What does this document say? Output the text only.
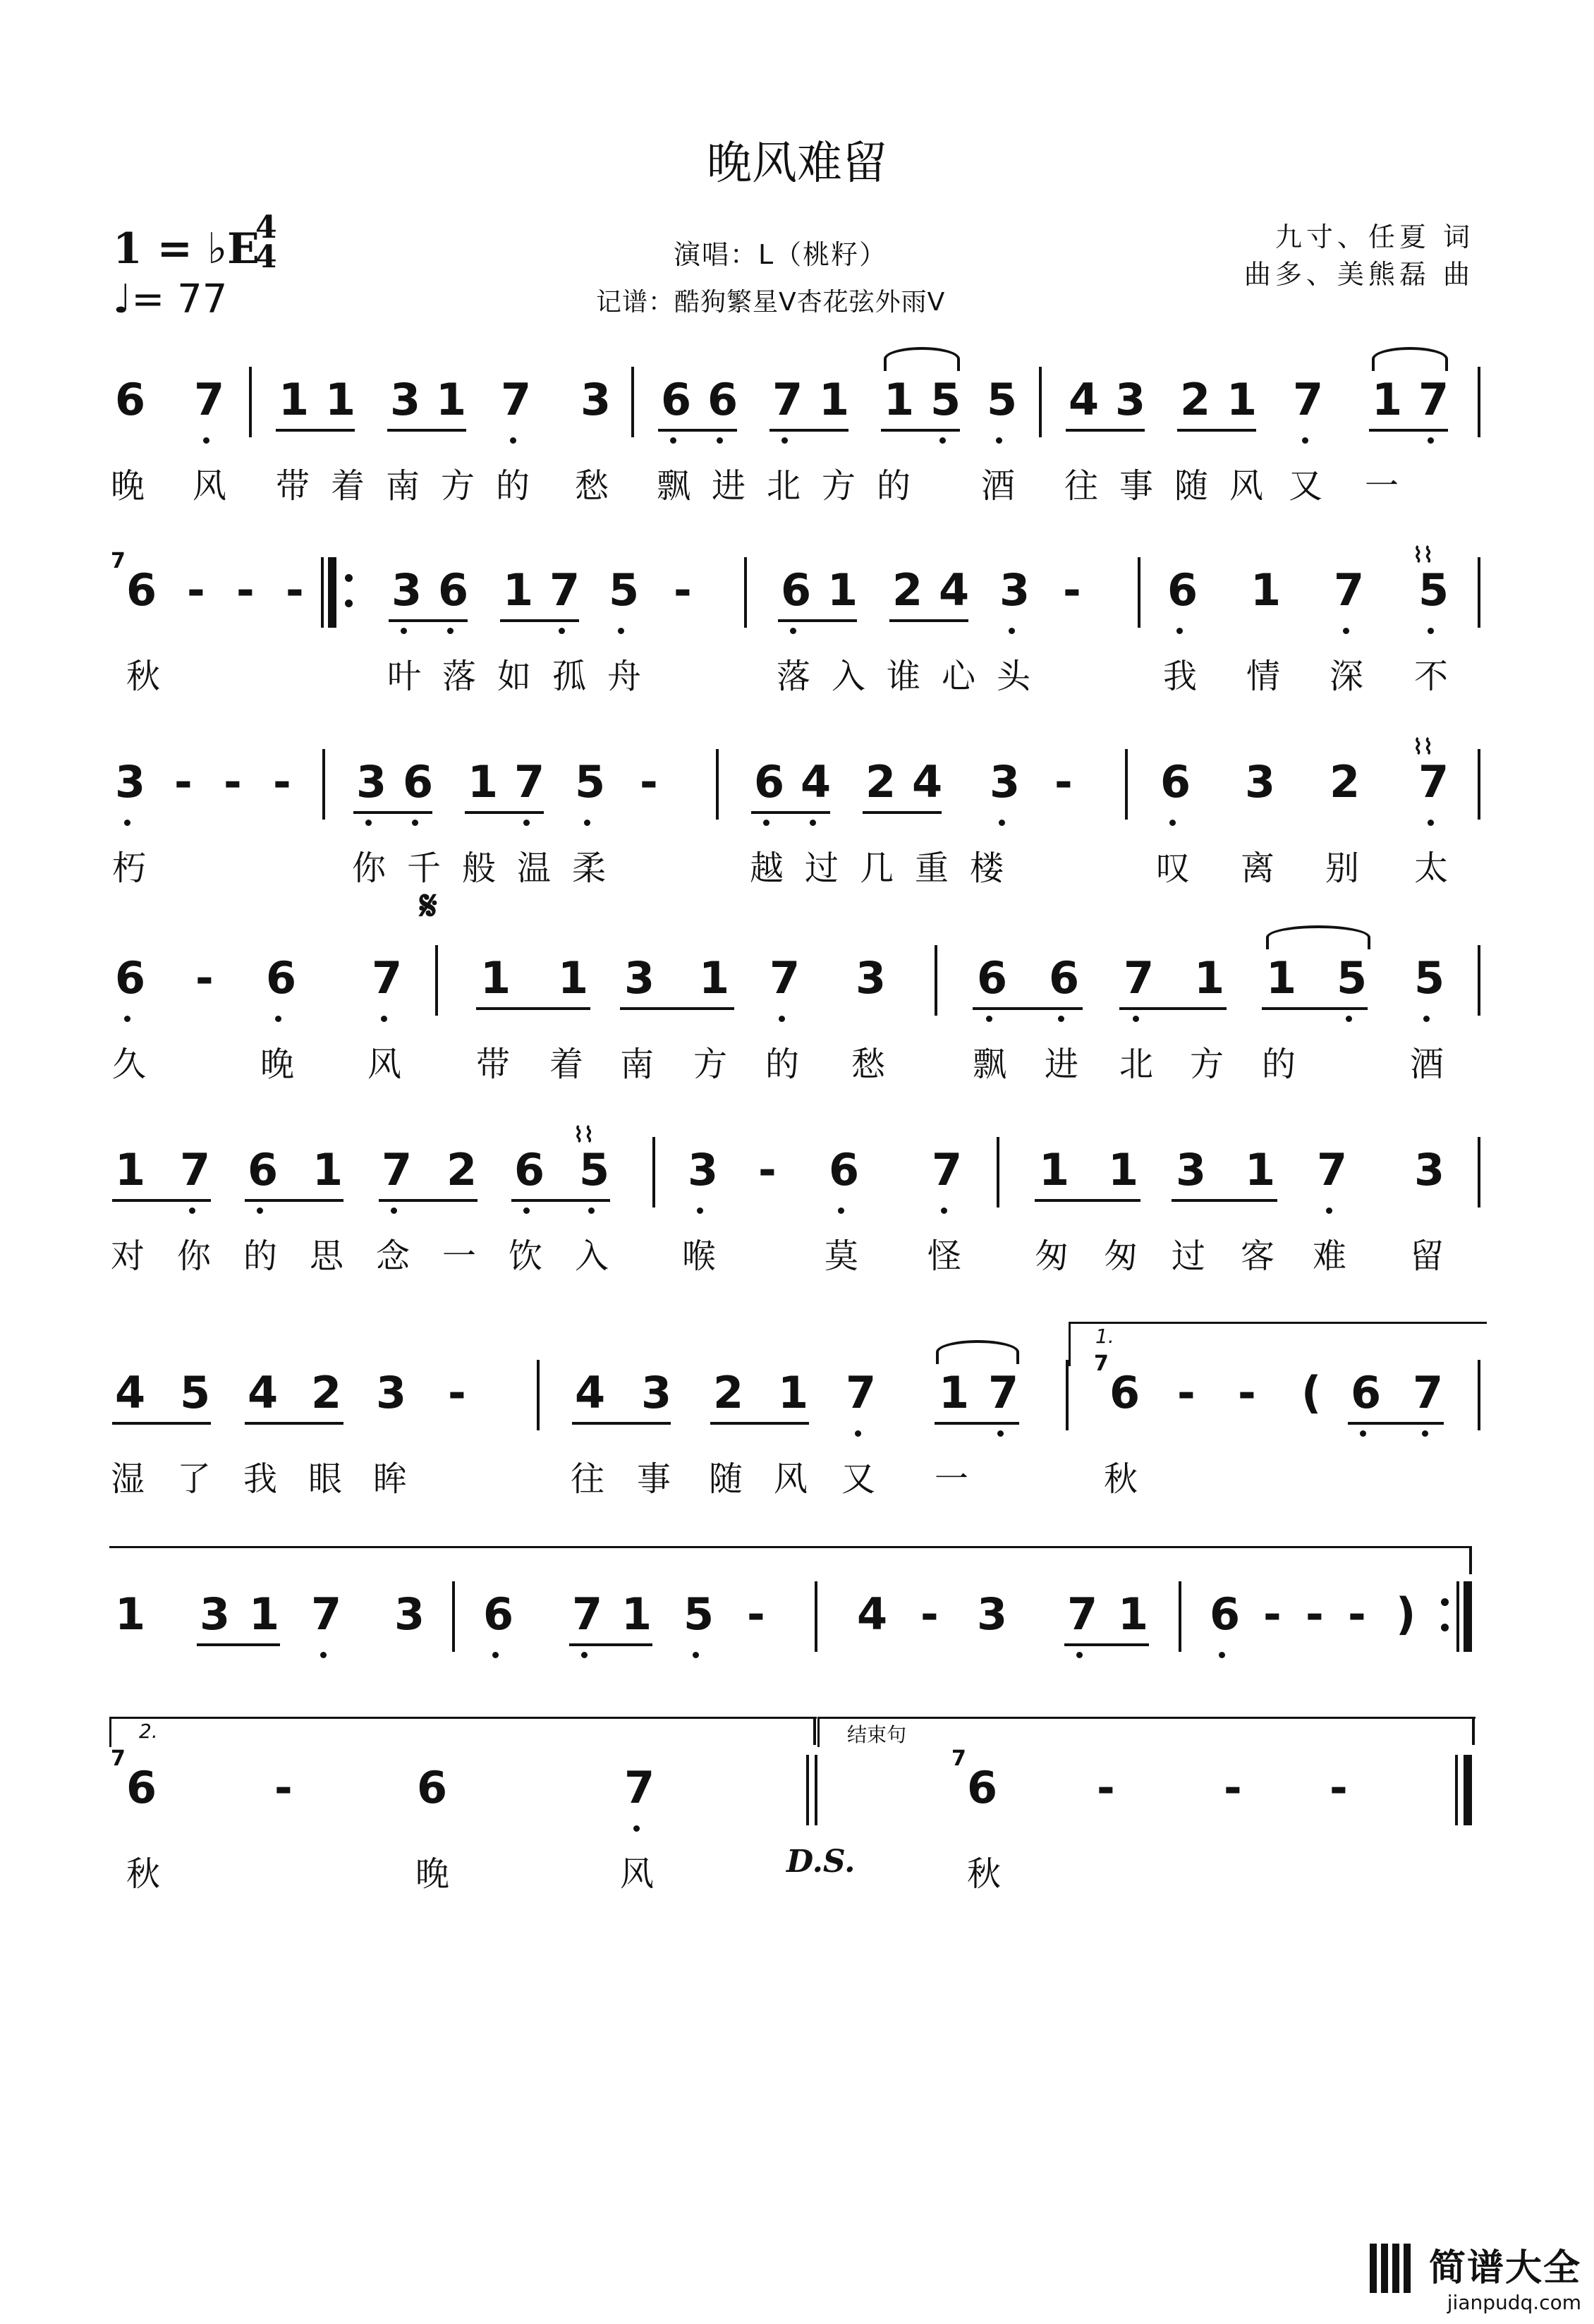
晚风难留
1 = ♭E
4
4
♩= 77
演唱：L（桃籽）
记谱：酷狗繁星V杏花弦外雨V
九寸、任夏 词
曲多、美熊磊 曲
6 7 1 1 3 1 7 3 6 6 7 1 1 5 5 4 3 2 1 7 1 7
晚 风 带 着 南 方 的 愁 飘 进 北 方 的 酒 往 事 随 风 又 一
7
6 - - - 3 6 1 7 5 - 6 1 2 4 3 - 6 1 7
⌇⌇
5
秋	叶 落 如 孤 舟	落 入 谁 心 头	我 情 深 不
3 - - - 3 6 1 7 5 - 6 4 2 4 3 - 6 3 2
⌇⌇
7
朽	你 千 般 温 柔	越 过 几 重 楼	叹 离 别 太
𝄋
6 - 6 7 1 1 3 1 7 3 6 6 7 1 1 5 5
久	晚 风 带 着 南 方 的 愁	飘 进 北 方 的	酒
1 7 6 1 7 2 6
⌇⌇
5 3 - 6 7 1 1 3 1 7 3
对 你 的 思 念 一 饮 入 喉	莫 怪 匆 匆 过 客 难 留
1.
4 5 4 2 3 - 4 3 2 1 7 1 7
7
6 - - ( 6 7
湿 了 我 眼 眸	往 事 随 风 又 一	秋
1 3 1 7 3 6 7 1 5 - 4 - 3 7 1 6 - - - )
2.	结束句
7
6	-	6	7
7
6 - - -
秋	晚	风	D.S.	秋
简谱大全
jianpudq.com
